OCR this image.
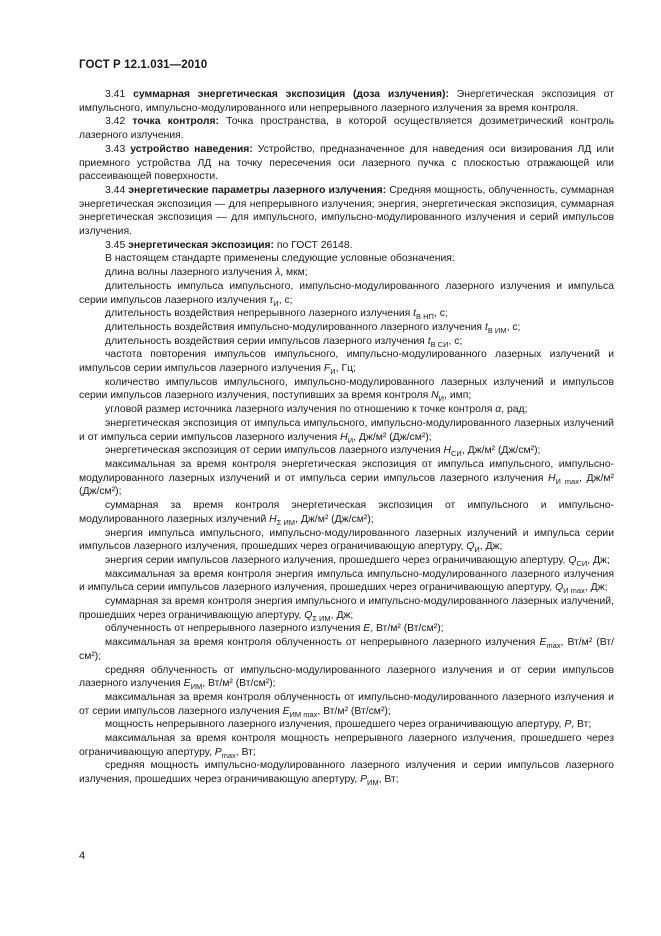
ГОСТ Р 12.1.031—2010

3.41 суммарная энергетическая экспозиция (доза излучения): Энергетическая экспозиция от импульсного, импульсно-модулированного или непрерывного лазерного излучения за время контроля.

3.42 точка контроля: Точка пространства, в которой осуществляется дозиметрический контроль лазерного излучения.

3.43 устройство наведения: Устройство, предназначенное для наведения оси визирования ЛД или приемного устройства ЛД на точку пересечения оси лазерного пучка с плоскостью отражающей или рассеивающей поверхности.

3.44 энергетические параметры лазерного излучения: Средняя мощность, облученность, суммарная энергетическая экспозиция — для непрерывного излучения; энергия, энергетическая экспозиция, суммарная энергетическая экспозиция — для импульсного, импульсно-модулированного излучения и серий импульсов излучения.

3.45 энергетическая экспозиция: по ГОСТ 26148.

В настоящем стандарте применены следующие условные обозначения:

длина волны лазерного излучения λ, мкм;

длительность импульса импульсного, импульсно-модулированного лазерного излучения и импульса серии импульсов лазерного излучения $\tau_И$, с;

длительность воздействия непрерывного лазерного излучения $t_{В НП}$, с;

длительность воздействия импульсно-модулированного лазерного излучения $t_{В ИМ}$, с;

длительность воздействия серии импульсов лазерного излучения $t_{В СИ}$, с;

частота повторения импульсов импульсного, импульсно-модулированного лазерных излучений и импульсов серии импульсов лазерного излучения $F_И$, Гц;

количество импульсов импульсного, импульсно-модулированного лазерных излучений и импульсов серии импульсов лазерного излучения, поступивших за время контроля $N_И$, имп;

угловой размер источника лазерного излучения по отношению к точке контроля α, рад;

энергетическая экспозиция от импульса импульсного, импульсно-модулированного лазерных излучений и от импульса серии импульсов лазерного излучения $H_И$, Дж/м² (Дж/см²);

энергетическая экспозиция от серии импульсов лазерного излучения $H_{СИ}$, Дж/м² (Дж/см²);

максимальная за время контроля энергетическая экспозиция от импульса импульсного, импульсно-модулированного лазерных излучений и от импульса серии импульсов лазерного излучения $H_{И max}$, Дж/м² (Дж/см²);

суммарная за время контроля энергетическая экспозиция от импульсного и импульсно-модулированного лазерных излучений $H_{\Sigma ИМ}$, Дж/м² (Дж/см²);

энергия импульса импульсного, импульсно-модулированного лазерных излучений и импульса серии импульсов лазерного излучения, прошедших через ограничивающую апертуру, $Q_И$, Дж;

энергия серии импульсов лазерного излучения, прошедшего через ограничивающую апертуру, $Q_{СИ}$, Дж;

максимальная за время контроля энергия импульса импульсно-модулированного лазерного излучения и импульса серии импульсов лазерного излучения, прошедших через ограничивающую апертуру, $Q_{И max}$, Дж;

суммарная за время контроля энергия импульсного и импульсно-модулированного лазерных излучений, прошедших через ограничивающую апертуру, $Q_{\Sigma ИМ}$, Дж;

облученность от непрерывного лазерного излучения E, Вт/м² (Вт/см²);

максимальная за время контроля облученность от непрерывного лазерного излучения $E_{max}$, Вт/м² (Вт/см²);

средняя облученность от импульсно-модулированного лазерного излучения и от серии импульсов лазерного излучения $E_{ИМ}$, Вт/м² (Вт/см²);

максимальная за время контроля облученность от импульсно-модулированного лазерного излучения и от серии импульсов лазерного излучения $E_{ИМ max}$, Вт/м² (Вт/см²);

мощность непрерывного лазерного излучения, прошедшего через ограничивающую апертуру, P, Вт;

максимальная за время контроля мощность непрерывного лазерного излучения, прошедшего через ограничивающую апертуру, $P_{max}$, Вт;

средняя мощность импульсно-модулированного лазерного излучения и серии импульсов лазерного излучения, прошедших через ограничивающую апертуру, $P_{ИМ}$, Вт;

4
